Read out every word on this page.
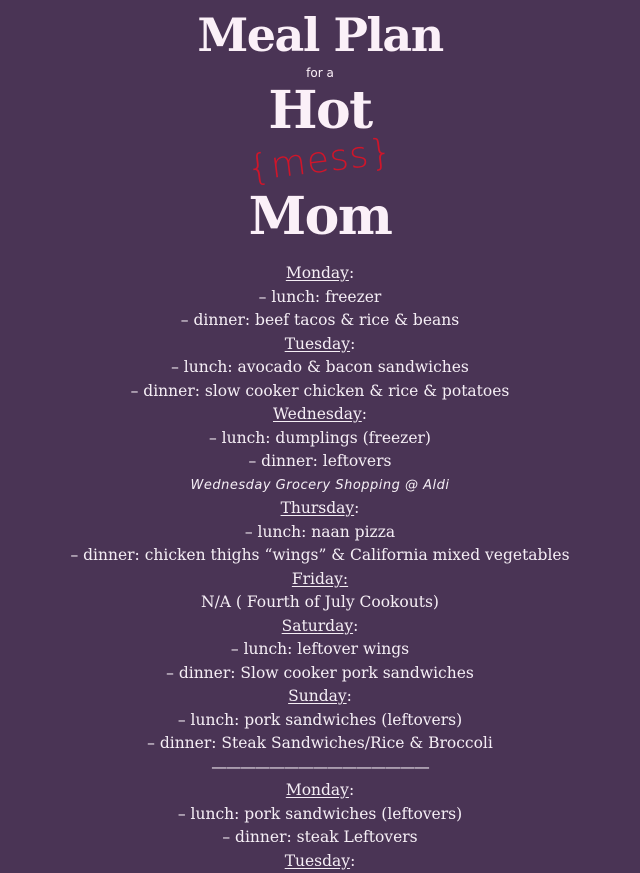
Meal Plan
for a
Hot
{mess}
Mom
Monday:
– lunch: freezer
– dinner: beef tacos & rice & beans
Tuesday:
– lunch: avocado & bacon sandwiches
– dinner: slow cooker chicken & rice & potatoes
Wednesday:
– lunch: dumplings (freezer)
– dinner: leftovers
Wednesday Grocery Shopping @ Aldi
Thursday:
– lunch: naan pizza
– dinner: chicken thighs “wings” & California mixed vegetables
Friday:
N/A ( Fourth of July Cookouts)
Saturday:
– lunch: leftover wings
– dinner: Slow cooker pork sandwiches
Sunday:
– lunch: pork sandwiches (leftovers)
– dinner: Steak Sandwiches/Rice & Broccoli
———————————————
Monday:
– lunch: pork sandwiches (leftovers)
– dinner: steak Leftovers
Tuesday:
